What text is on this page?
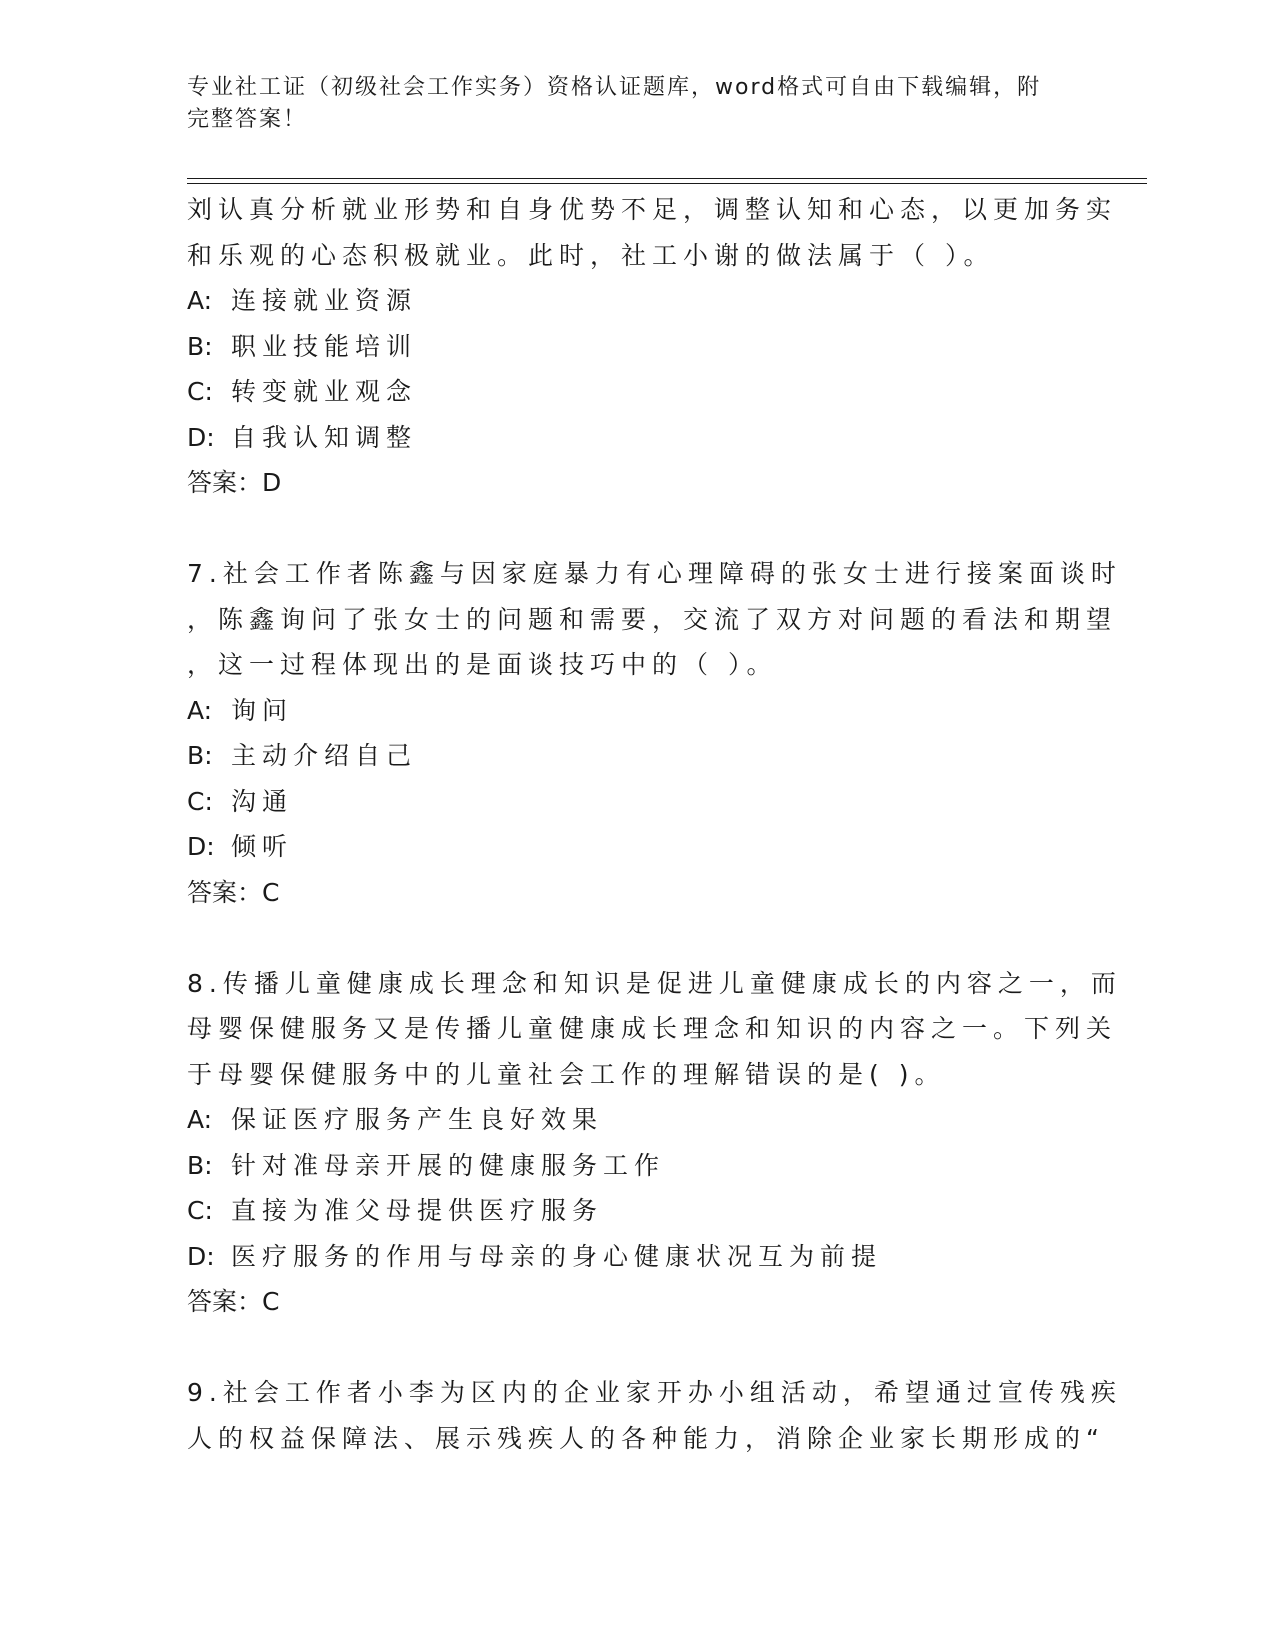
专业社工证（初级社会工作实务）资格认证题库，word格式可自由下载编辑，附
完整答案！
刘认真分析就业形势和自身优势不足，调整认知和心态，以更加务实
和乐观的心态积极就业。此时，社工小谢的做法属于（ ）。
A: 连接就业资源
B: 职业技能培训
C: 转变就业观念
D: 自我认知调整
答案：D
7.社会工作者陈鑫与因家庭暴力有心理障碍的张女士进行接案面谈时
，陈鑫询问了张女士的问题和需要，交流了双方对问题的看法和期望
，这一过程体现出的是面谈技巧中的（ ）。
A: 询问
B: 主动介绍自己
C: 沟通
D: 倾听
答案：C
8.传播儿童健康成长理念和知识是促进儿童健康成长的内容之一，而
母婴保健服务又是传播儿童健康成长理念和知识的内容之一。下列关
于母婴保健服务中的儿童社会工作的理解错误的是( )。
A: 保证医疗服务产生良好效果
B: 针对准母亲开展的健康服务工作
C: 直接为准父母提供医疗服务
D: 医疗服务的作用与母亲的身心健康状况互为前提
答案：C
9.社会工作者小李为区内的企业家开办小组活动，希望通过宣传残疾
人的权益保障法、展示残疾人的各种能力，消除企业家长期形成的“
